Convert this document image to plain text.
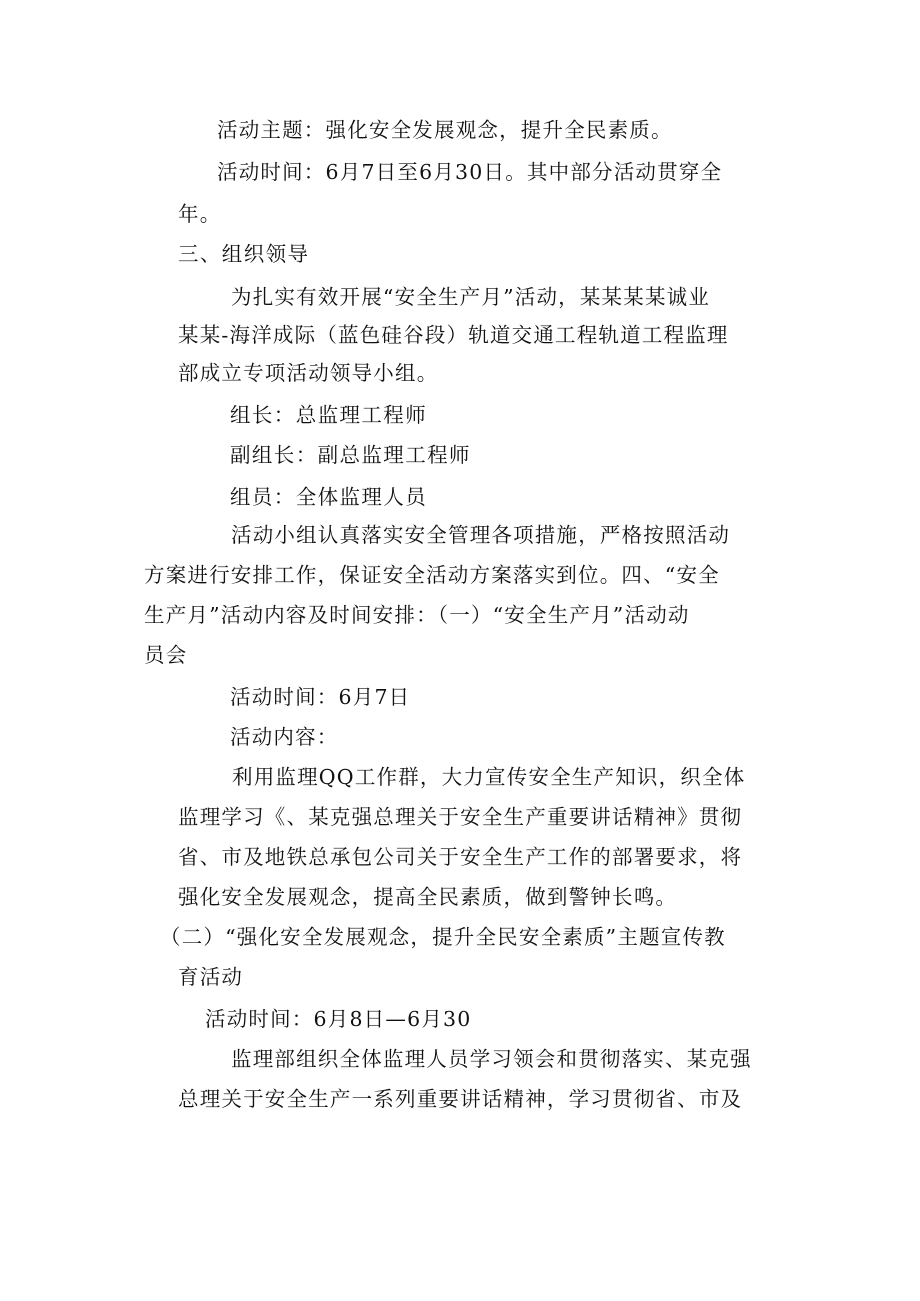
活动主题：强化安全发展观念，提升全民素质。
活动时间：6月7日至6月30日。其中部分活动贯穿全
年。
三、组织领导
为扎实有效开展“安全生产月”活动，某某某某诚业
某某-海洋成际（蓝色硅谷段）轨道交通工程轨道工程监理
部成立专项活动领导小组。
组长：总监理工程师
副组长：副总监理工程师
组员：全体监理人员
活动小组认真落实安全管理各项措施，严格按照活动
方案进行安排工作，保证安全活动方案落实到位。四、“安全
生产月”活动内容及时间安排：（一）“安全生产月”活动动
员会
活动时间：6月7日
活动内容：
利用监理QQ工作群，大力宣传安全生产知识，织全体
监理学习《、某克强总理关于安全生产重要讲话精神》贯彻
省、市及地铁总承包公司关于安全生产工作的部署要求，将
强化安全发展观念，提高全民素质，做到警钟长鸣。
（二）“强化安全发展观念，提升全民安全素质”主题宣传教
育活动
活动时间：6月8日—6月30
监理部组织全体监理人员学习领会和贯彻落实、某克强
总理关于安全生产一系列重要讲话精神，学习贯彻省、市及
